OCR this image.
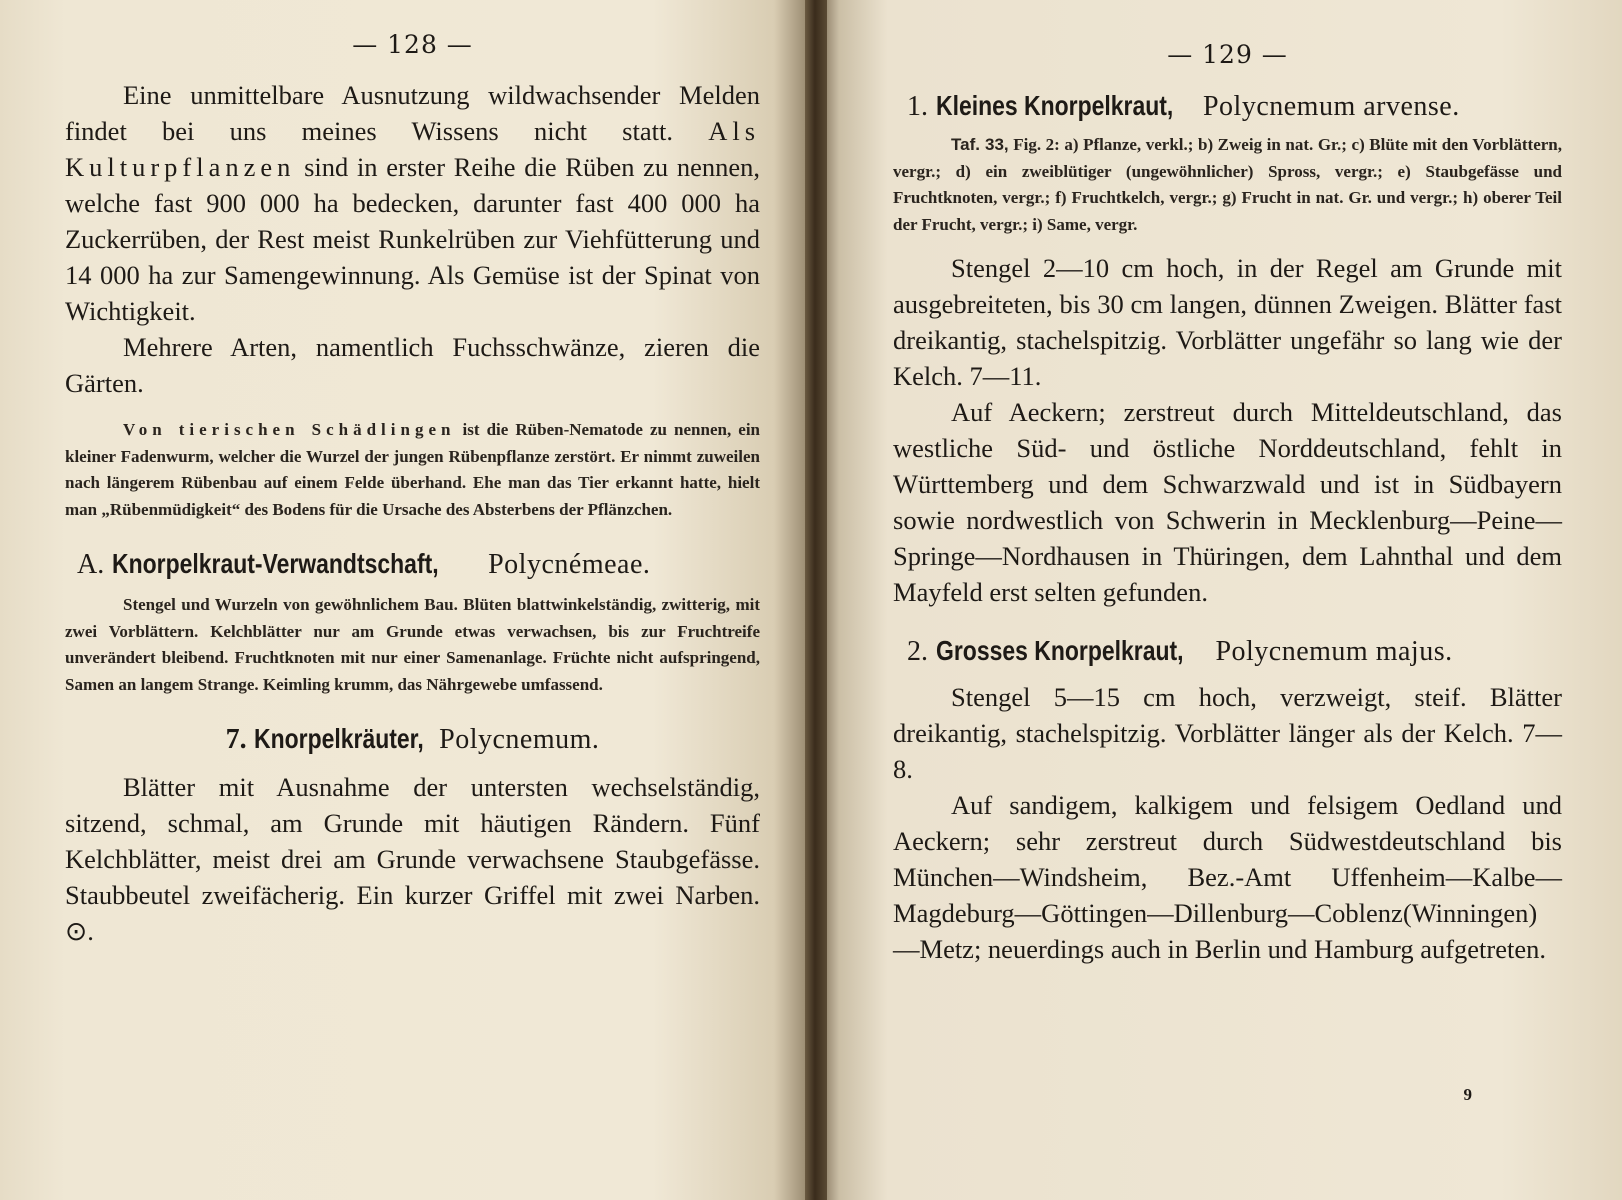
— 128 —

Eine unmittelbare Ausnutzung wildwachsender Melden findet bei uns meines Wissens nicht statt. Als Kulturpflanzen sind in erster Reihe die Rüben zu nennen, welche fast 900 000 ha bedecken, darunter fast 400 000 ha Zuckerrüben, der Rest meist Runkelrüben zur Viehfütterung und 14 000 ha zur Samengewinnung. Als Gemüse ist der Spinat von Wichtigkeit.

Mehrere Arten, namentlich Fuchsschwänze, zieren die Gärten.

Von tierischen Schädlingen ist die Rüben-Nematode zu nennen, ein kleiner Fadenwurm, welcher die Wurzel der jungen Rübenpflanze zerstört. Er nimmt zuweilen nach längerem Rübenbau auf einem Felde überhand. Ehe man das Tier erkannt hatte, hielt man „Rübenmüdigkeit“ des Bodens für die Ursache des Absterbens der Pflänzchen.

A. Knorpelkraut-Verwandtschaft, Polycnémeae.

Stengel und Wurzeln von gewöhnlichem Bau. Blüten blattwinkelständig, zwitterig, mit zwei Vorblättern. Kelchblätter nur am Grunde etwas verwachsen, bis zur Fruchtreife unverändert bleibend. Fruchtknoten mit nur einer Samenanlage. Früchte nicht aufspringend, Samen an langem Strange. Keimling krumm, das Nährgewebe umfassend.

7. Knorpelkräuter, Polycnemum.

Blätter mit Ausnahme der untersten wechselständig, sitzend, schmal, am Grunde mit häutigen Rändern. Fünf Kelchblätter, meist drei am Grunde verwachsene Staubgefässe. Staubbeutel zweifächerig. Ein kurzer Griffel mit zwei Narben. ⊙.

— 129 —
1. Kleines Knorpelkraut, Polycnemum arvense.

Taf. 33, Fig. 2: a) Pflanze, verkl.; b) Zweig in nat. Gr.; c) Blüte mit den Vorblättern, vergr.; d) ein zweiblütiger (ungewöhnlicher) Spross, vergr.; e) Staubgefässe und Fruchtknoten, vergr.; f) Fruchtkelch, vergr.; g) Frucht in nat. Gr. und vergr.; h) oberer Teil der Frucht, vergr.; i) Same, vergr.

Stengel 2—10 cm hoch, in der Regel am Grunde mit ausgebreiteten, bis 30 cm langen, dünnen Zweigen. Blätter fast dreikantig, stachelspitzig. Vorblätter ungefähr so lang wie der Kelch. 7—11.

Auf Aeckern; zerstreut durch Mitteldeutschland, das westliche Süd- und östliche Norddeutschland, fehlt in Württemberg und dem Schwarzwald und ist in Südbayern sowie nordwestlich von Schwerin in Mecklenburg—Peine—Springe—Nordhausen in Thüringen, dem Lahnthal und dem Mayfeld erst selten gefunden.

2. Grosses Knorpelkraut, Polycnemum majus.

Stengel 5—15 cm hoch, verzweigt, steif. Blätter dreikantig, stachelspitzig. Vorblätter länger als der Kelch. 7—8.

Auf sandigem, kalkigem und felsigem Oedland und Aeckern; sehr zerstreut durch Südwestdeutschland bis München—Windsheim, Bez.-Amt Uffenheim—Kalbe—Magdeburg—Göttingen—Dillenburg—Coblenz(Winningen)—Metz; neuerdings auch in Berlin und Hamburg aufgetreten.

9
